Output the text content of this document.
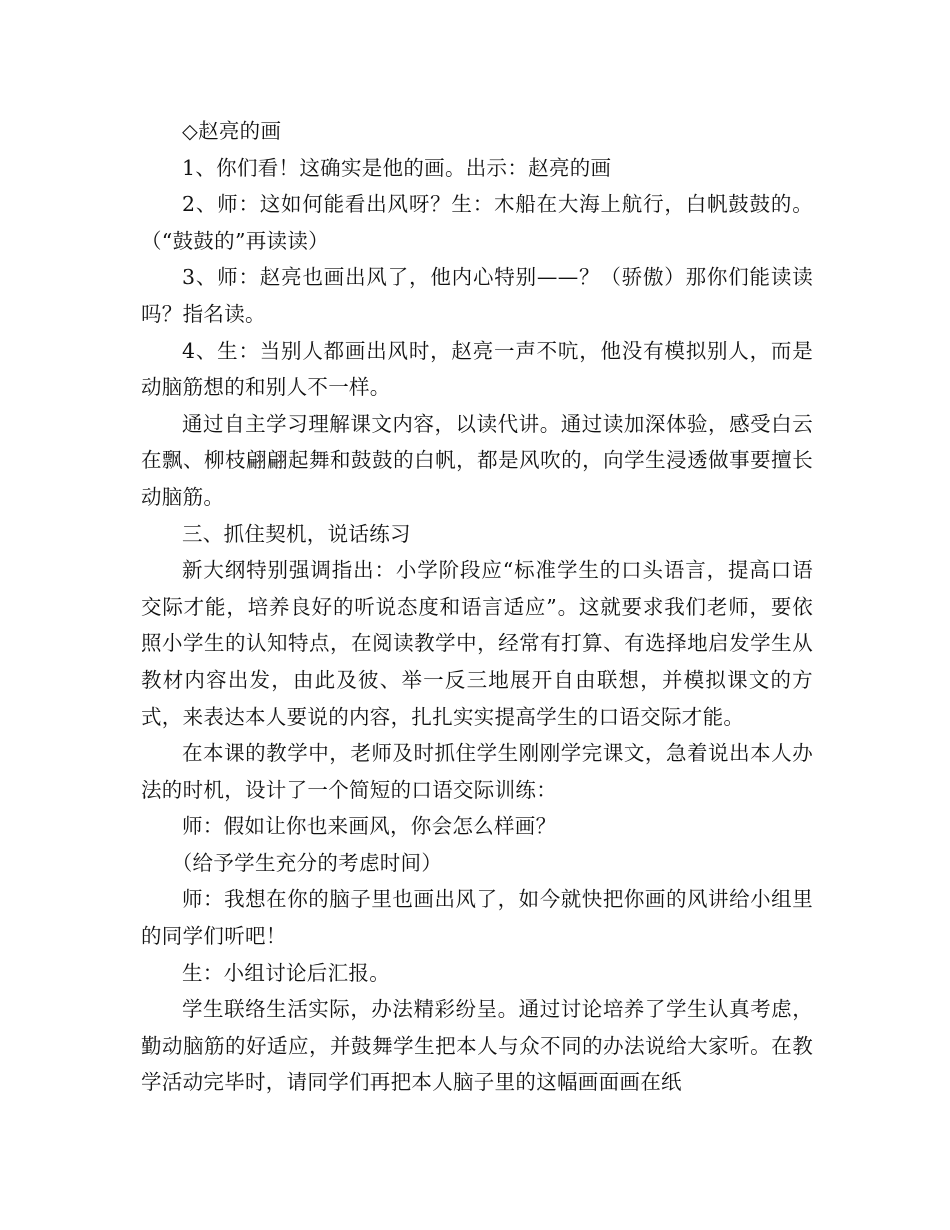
◇赵亮的画

1、你们看！这确实是他的画。出示：赵亮的画

2、师：这如何能看出风呀？生：木船在大海上航行，白帆鼓鼓的。（“鼓鼓的”再读读）

3、师：赵亮也画出风了，他内心特别——？（骄傲）那你们能读读吗？指名读。

4、生：当别人都画出风时，赵亮一声不吭，他没有模拟别人，而是动脑筋想的和别人不一样。

通过自主学习理解课文内容，以读代讲。通过读加深体验，感受白云在飘、柳枝翩翩起舞和鼓鼓的白帆，都是风吹的，向学生浸透做事要擅长动脑筋。

三、抓住契机，说话练习

新大纲特别强调指出：小学阶段应“标准学生的口头语言，提高口语交际才能，培养良好的听说态度和语言适应”。这就要求我们老师，要依照小学生的认知特点，在阅读教学中，经常有打算、有选择地启发学生从教材内容出发，由此及彼、举一反三地展开自由联想，并模拟课文的方式，来表达本人要说的内容，扎扎实实提高学生的口语交际才能。

在本课的教学中，老师及时抓住学生刚刚学完课文，急着说出本人办法的时机，设计了一个简短的口语交际训练：

师：假如让你也来画风，你会怎么样画？

（给予学生充分的考虑时间）

师：我想在你的脑子里也画出风了，如今就快把你画的风讲给小组里的同学们听吧！

生：小组讨论后汇报。

学生联络生活实际，办法精彩纷呈。通过讨论培养了学生认真考虑，勤动脑筋的好适应，并鼓舞学生把本人与众不同的办法说给大家听。在教学活动完毕时，请同学们再把本人脑子里的这幅画面画在纸
